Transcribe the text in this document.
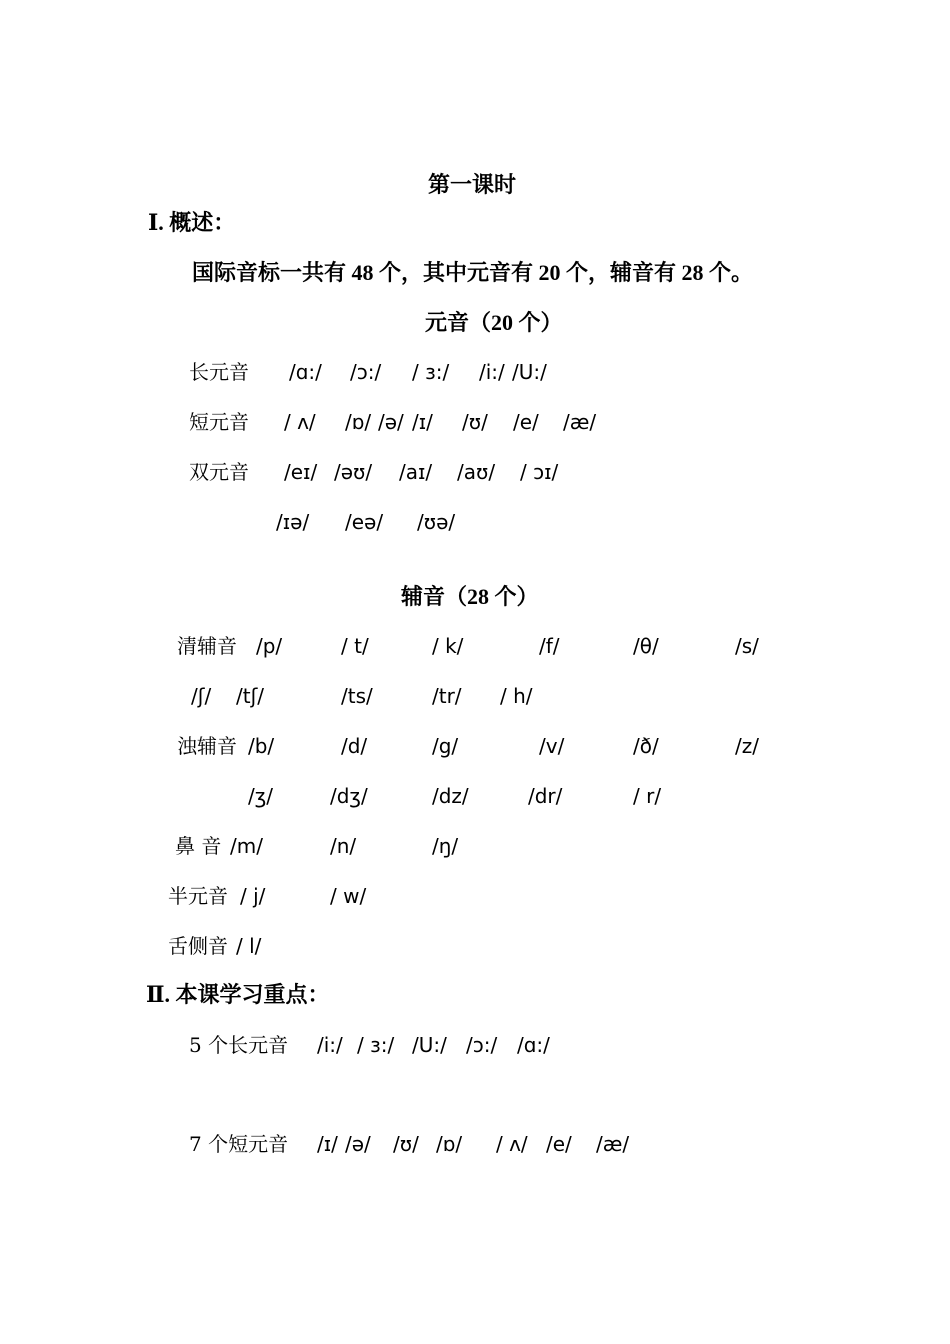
第一课时
Ⅰ. 概述：
国际音标一共有 48 个，其中元音有 20 个，辅音有 28 个。
元音（20 个）
长元音 /ɑ:/ /ɔ:/ / ɜ:/ /i:/ /U:/
短元音 / ʌ/ /ɒ/ /ə/ /ɪ/ /ʊ/ /e/ /æ/
双元音 /eɪ/ /əʊ/ /aɪ/ /aʊ/ / ɔɪ/
/ɪə/ /eə/ /ʊə/
辅音（28 个）
清辅音 /p/	/ t/	/ k/	/f/	/θ/	/s/
/ʃ/ /tʃ/	/ts/	/tr/ / h/
浊辅音 /b/	/d/	/g/	/v/	/ð/	/z/
/ʒ/	/dʒ/	/dz/	/dr/	/ r/
鼻 音 /m/	/n/	/ŋ/
半元音 / j/	/ w/
舌侧音 / l/
Ⅱ. 本课学习重点：
5 个长元音 /i:/ / ɜ:/ /U:/ /ɔ:/ /ɑ:/
7 个短元音 /ɪ/ /ə/ /ʊ/ /ɒ/ / ʌ/ /e/ /æ/
